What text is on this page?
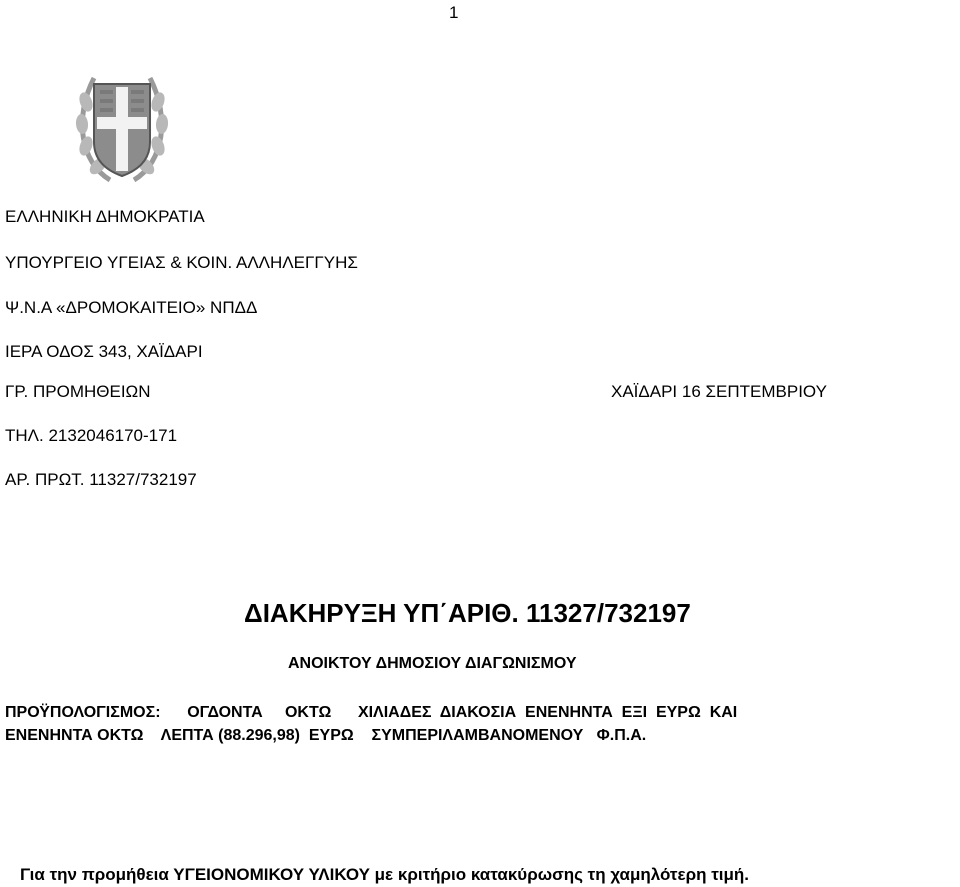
1
ΕΛΛΗΝΙΚΗ ΔΗΜΟΚΡΑΤΙΑ
ΥΠΟΥΡΓΕΙΟ ΥΓΕΙΑΣ & ΚΟΙΝ. ΑΛΛΗΛΕΓΓΥΗΣ
Ψ.Ν.Α «ΔΡΟΜΟΚΑΙΤΕΙΟ» ΝΠΔΔ
ΙΕΡΑ ΟΔΟΣ 343, ΧΑΪΔΑΡΙ
ΓΡ. ΠΡΟΜΗΘΕΙΩΝ	ΧΑΪΔΑΡΙ 16 ΣΕΠΤΕΜΒΡΙΟΥ
ΤΗΛ. 2132046170-171
ΑΡ. ΠΡΩΤ. 11327/732197
ΔΙΑΚΗΡΥΞΗ ΥΠ΄ΑΡΙΘ. 11327/732197
ΑΝΟΙΚΤΟΥ ΔΗΜΟΣΙΟΥ ΔΙΑΓΩΝΙΣΜΟΥ
ΠΡΟΫΠΟΛΟΓΙΣΜΟΣ:      ΟΓΔΟΝΤΑ     ΟΚΤΩ      ΧΙΛΙΑΔΕΣ  ΔΙΑΚΟΣΙΑ  ΕΝΕΝΗΝΤΑ  ΕΞΙ  ΕΥΡΩ  ΚΑΙ
ΕΝΕΝΗΝΤΑ ΟΚΤΩ    ΛΕΠΤΑ (88.296,98)  ΕΥΡΩ    ΣΥΜΠΕΡΙΛΑΜΒΑΝΟΜΕΝΟΥ   Φ.Π.Α.
Για την προμήθεια ΥΓΕΙΟΝΟΜΙΚΟΥ ΥΛΙΚΟΥ με κριτήριο κατακύρωσης τη χαμηλότερη τιμή.
